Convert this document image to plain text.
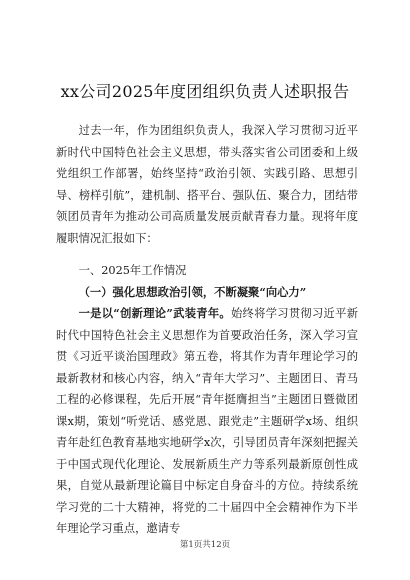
xx公司2025年度团组织负责人述职报告

过去一年，作为团组织负责人，我深入学习贯彻习近平新时代中国特色社会主义思想，带头落实省公司团委和上级党组织工作部署，始终坚持“政治引领、实践引路、思想引导、榜样引航”，建机制、搭平台、强队伍、聚合力，团结带领团员青年为推动公司高质量发展贡献青春力量。现将年度履职情况汇报如下：

一、2025年工作情况

（一）强化思想政治引领，不断凝聚“向心力”

一是以“创新理论”武装青年。始终将学习贯彻习近平新时代中国特色社会主义思想作为首要政治任务，深入学习宣贯《习近平谈治国理政》第五卷，将其作为青年理论学习的最新教材和核心内容，纳入“青年大学习”、主题团日、青马工程的必修课程，先后开展“青年挺膺担当”主题团日暨微团课x期，策划“听党话、感党恩、跟党走”主题研学x场、组织青年赴红色教育基地实地研学x次，引导团员青年深刻把握关于中国式现代化理论、发展新质生产力等系列最新原创性成果，自觉从最新理论篇目中标定自身奋斗的方位。持续系统学习党的二十大精神，将党的二十届四中全会精神作为下半年理论学习重点，邀请专

第1页共12页
